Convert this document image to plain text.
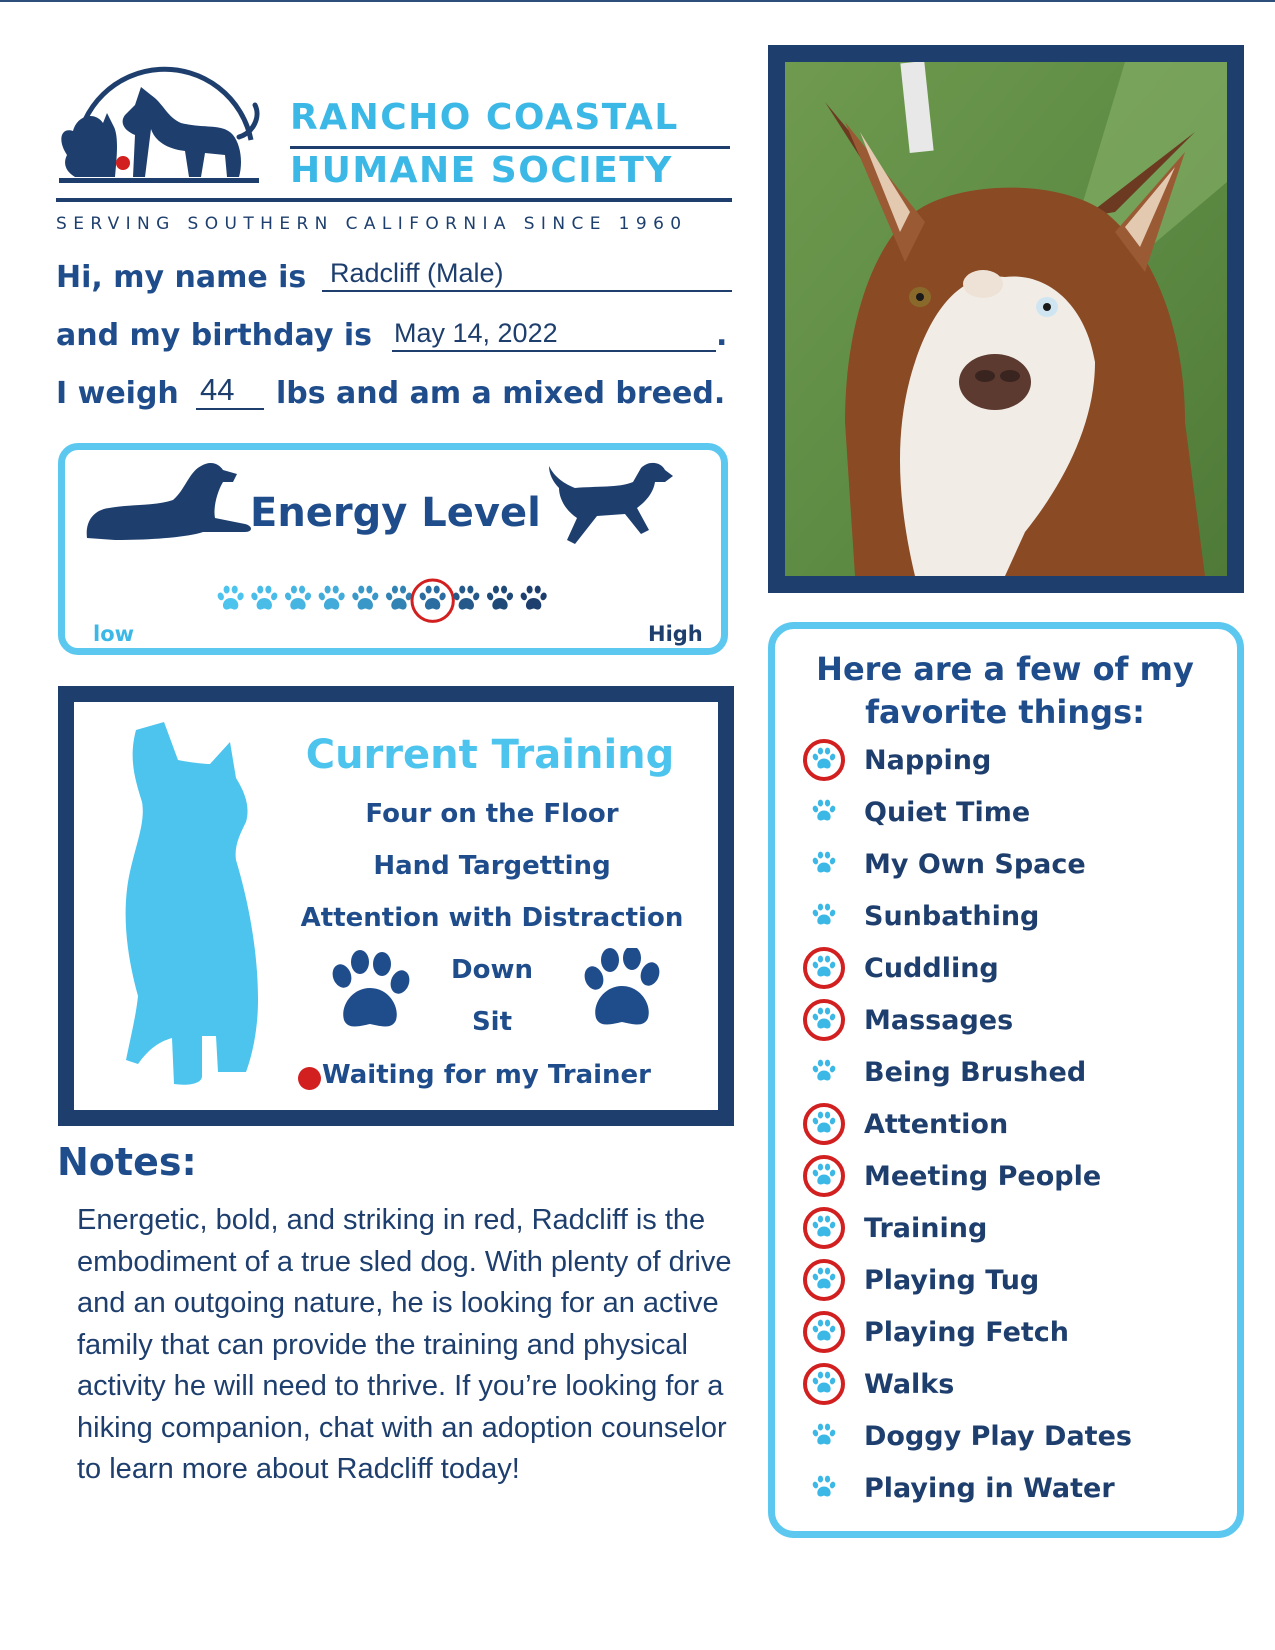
RANCHO COASTAL
HUMANE SOCIETY
SERVING SOUTHERN CALIFORNIA SINCE 1960
Hi, my name is Radcliff (Male)
and my birthday is May 14, 2022	.
I weigh 44 lbs and am a mixed breed.
Energy Level
low	High
Current Training
Four on the Floor
Hand Targetting
Attention with Distraction
Down
Sit
Waiting for my Trainer
Notes:
Energetic, bold, and striking in red, Radcliff is the embodiment of a true sled dog. With plenty of drive and an outgoing nature, he is looking for an active family that can provide the training and physical activity he will need to thrive. If you’re looking for a hiking companion, chat with an adoption counselor to learn more about Radcliff today!
Here are a few of my favorite things:
Napping
Quiet Time
My Own Space
Sunbathing
Cuddling
Massages
Being Brushed
Attention
Meeting People
Training
Playing Tug
Playing Fetch
Walks
Doggy Play Dates
Playing in Water
